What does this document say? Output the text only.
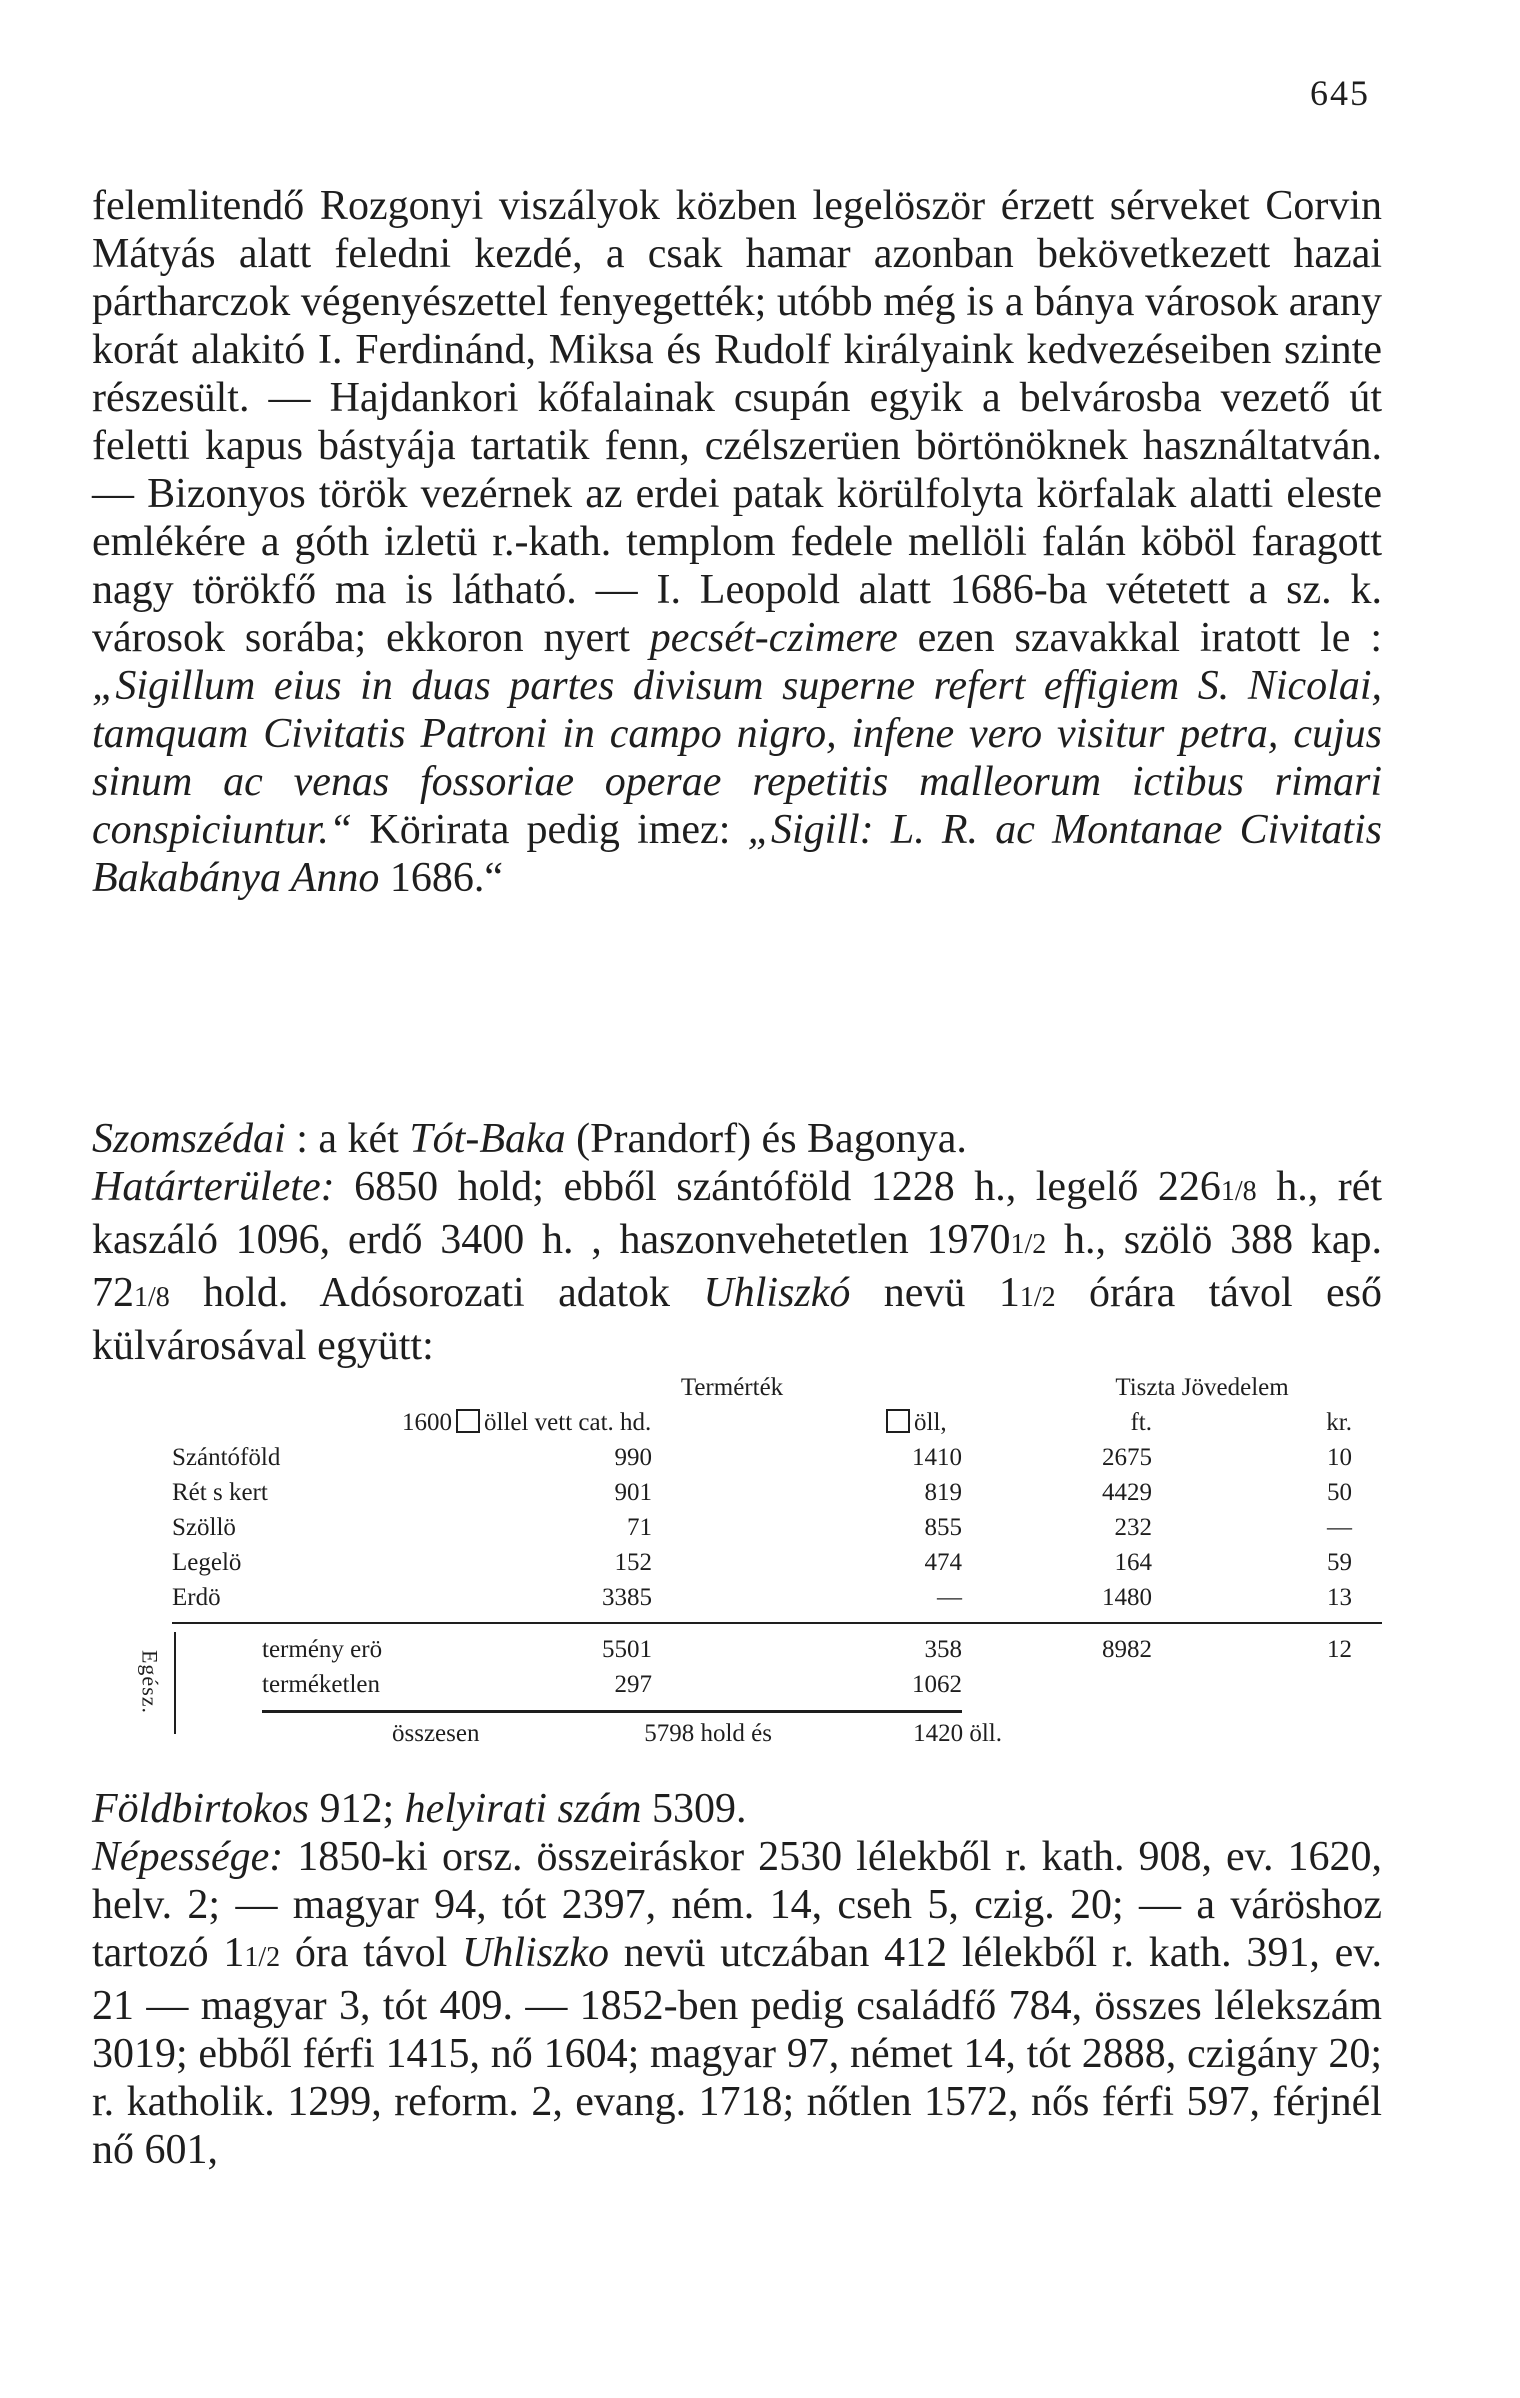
645
felemlitendő Rozgonyi viszályok közben legelöször érzett sérveket Corvin Mátyás alatt feledni kezdé, a csak hamar azonban bekövetkezett hazai pártharczok végenyészettel fenyegették; utóbb még is a bánya városok arany korát alakitó I. Ferdinánd, Miksa és Rudolf királyaink kedvezéseiben szinte részesült. — Hajdankori kőfalainak csupán egyik a belvárosba vezető út feletti kapus bástyája tartatik fenn, czélszerüen börtönöknek használtatván. — Bizonyos török vezérnek az erdei patak körülfolyta körfalak alatti eleste emlékére a góth izletü r.-kath. templom fedele mellöli falán köböl faragott nagy törökfő ma is látható. — I. Leopold alatt 1686-ba vétetett a sz. k. városok sorába; ekkoron nyert pecsét-czimere ezen szavakkal iratott le : „Sigillum eius in duas partes divisum superne refert effigiem S. Nicolai, tamquam Civitatis Patroni in campo nigro, infene vero visitur petra, cujus sinum ac venas fossoriae operae repetitis malleorum ictibus rimari conspiciuntur.“ Körirata pedig imez: „Sigill: L. R. ac Montanae Civitatis Bakabánya Anno 1686.“
Szomszédai : a két Tót-Baka (Prandorf) és Bagonya.
Határterülete: 6850 hold; ebből szántóföld 1228 h., legelő 2261/8 h., rét kaszáló 1096, erdő 3400 h. , haszonvehetetlen 19701/2 h., szölö 388 kap. 721/8 hold. Adósorozati adatok Uhliszkó nevü 11/2 órára távol eső külvárosával együtt:
Termérték	Tiszta Jövedelem
1600 öllel vett cat. hd.	öll,	ft.	kr.
Szántóföld	990	1410	2675	10
Rét s kert	901	819	4429	50
Szöllö	71	855	232	—
Legelö	152	474	164	59
Erdö	3385	—	1480	13
Egész.
termény erö	5501	358	8982	12
terméketlen	297	1062
összesen	5798 hold és	1420 öll.
Földbirtokos 912; helyirati szám 5309.
Népessége: 1850-ki orsz. összeiráskor 2530 lélekből r. kath. 908, ev. 1620, helv. 2; — magyar 94, tót 2397, ném. 14, cseh 5, czig. 20; — a váröshoz tartozó 11/2 óra távol Uhliszko nevü utczában 412 lélekből r. kath. 391, ev. 21 — magyar 3, tót 409. — 1852-ben pedig családfő 784, összes lélekszám 3019; ebből férfi 1415, nő 1604; magyar 97, német 14, tót 2888, czigány 20; r. katholik. 1299, reform. 2, evang. 1718; nőtlen 1572, nős férfi 597, férjnél nő 601,
